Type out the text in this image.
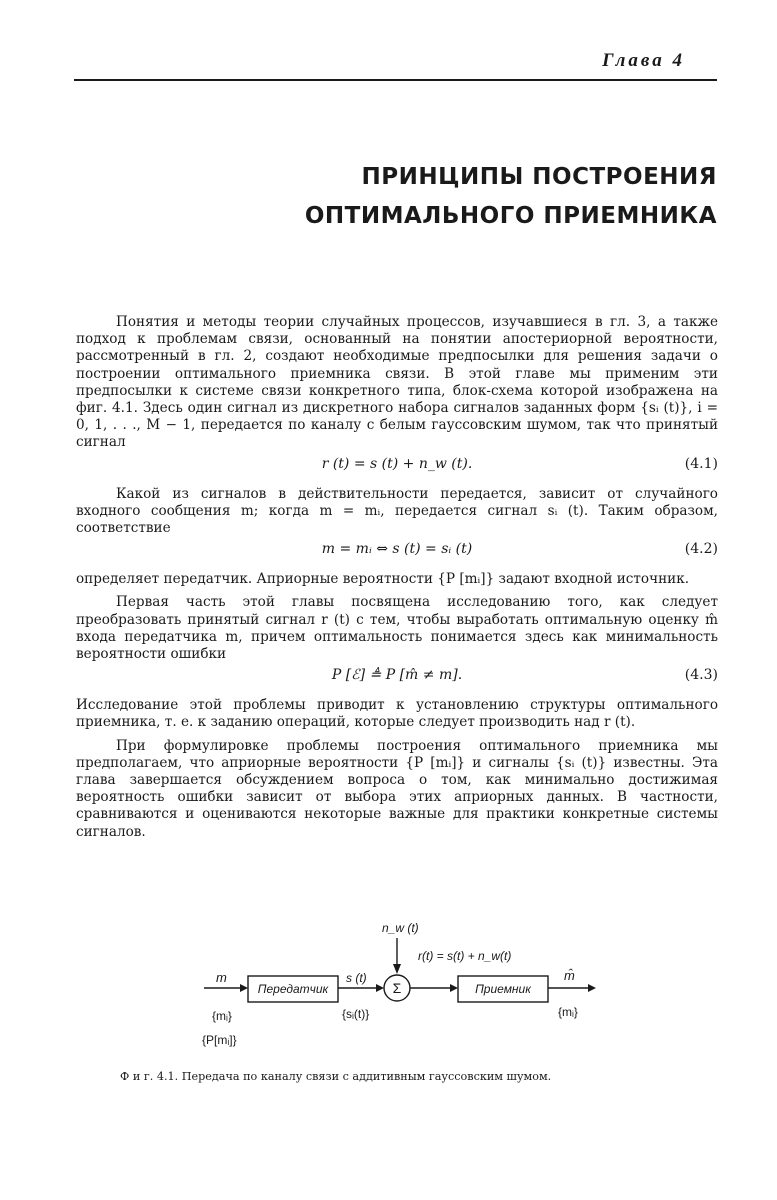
Глава 4
ПРИНЦИПЫ ПОСТРОЕНИЯ
ОПТИМАЛЬНОГО ПРИЕМНИКА

Понятия и методы теории случайных процессов, изучавшиеся в гл. 3, а также подход к проблемам связи, основанный на понятии апостериорной вероятности, рассмотренный в гл. 2, создают необходимые предпосылки для решения задачи о построении оптимального приемника связи. В этой главе мы применим эти предпосылки к системе связи конкретного типа, блок-схема которой изображена на фиг. 4.1. Здесь один сигнал из дискретного набора сигналов заданных форм {sᵢ (t)}, i = 0, 1, . . ., M − 1, передается по каналу с белым гауссовским шумом, так что принятый сигнал

r (t) = s (t) + n_w (t).	(4.1)

Какой из сигналов в действительности передается, зависит от случайного входного сообщения m; когда m = mᵢ, передается сигнал sᵢ (t). Таким образом, соответствие

m = mᵢ ⇔ s (t) = sᵢ (t)	(4.2)

определяет передатчик. Априорные вероятности {P [mᵢ]} задают входной источник.

Первая часть этой главы посвящена исследованию того, как следует преобразовать принятый сигнал r (t) с тем, чтобы выработать оптимальную оценку m̂ входа передатчика m, причем оптимальность понимается здесь как минимальность вероятности ошибки

P [ℰ] ≜ P [m̂ ≠ m].	(4.3)

Исследование этой проблемы приводит к установлению структуры оптимального приемника, т. е. к заданию операций, которые следует производить над r (t).

При формулировке проблемы построения оптимального приемника мы предполагаем, что априорные вероятности {P [mᵢ]} и сигналы {sᵢ (t)} известны. Эта глава завершается обсуждением вопроса о том, как минимально достижимая вероятность ошибки зависит от выбора этих априорных данных. В частности, сравниваются и оцениваются некоторые важные для практики конкретные системы сигналов.

n_w (t)
r(t) = s(t) + n_w(t)
m
Передатчик
s (t)
Σ	Приемник
m̂
{mᵢ}
{P[mᵢ]}
{sᵢ(t)}	{mᵢ}
Ф и г. 4.1. Передача по каналу связи с аддитивным гауссовским шумом.
